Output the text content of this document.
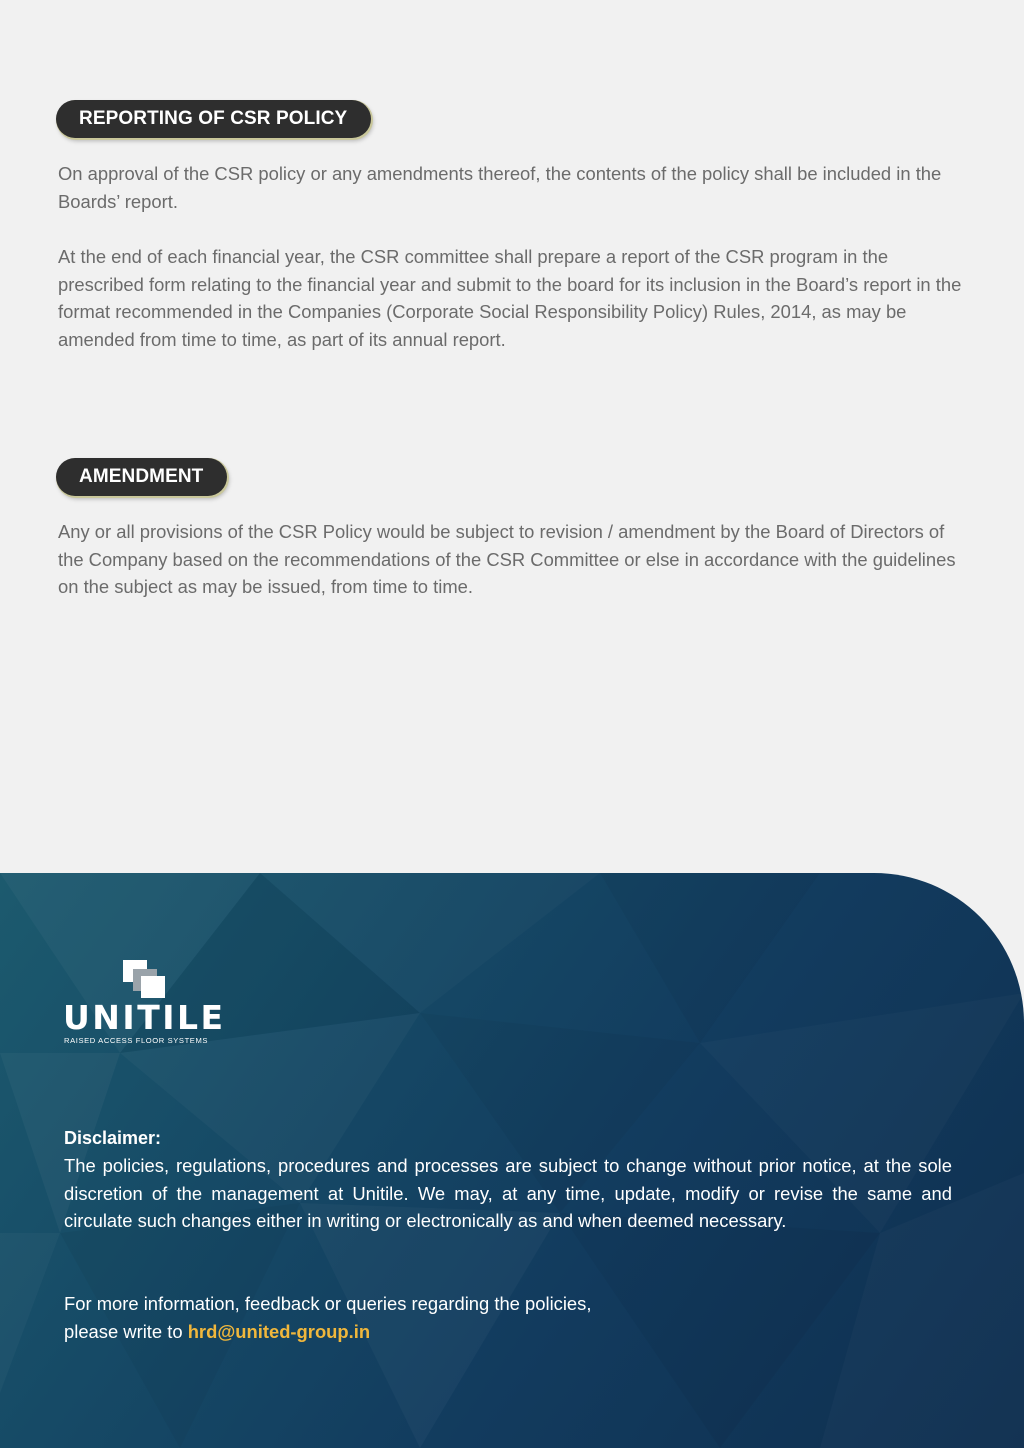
REPORTING OF CSR POLICY

On approval of the CSR policy or any amendments thereof, the contents of the policy shall be included in the Boards’ report.

At the end of each financial year, the CSR committee shall prepare a report of the CSR program in the prescribed form relating to the financial year and submit to the board for its inclusion in the Board’s report in the format recommended in the Companies (Corporate Social Responsibility Policy) Rules, 2014, as may be amended from time to time, as part of its annual report.

AMENDMENT

Any or all provisions of the CSR Policy would be subject to revision / amendment by the Board of Directors of the Company based on the recommendations of the CSR Committee or else in accordance with the guidelines on the subject as may be issued, from time to time.

UNITILE
RAISED ACCESS FLOOR SYSTEMS
Disclaimer:

The policies, regulations, procedures and processes are subject to change without prior notice, at the sole discretion of the management at Unitile. We may, at any time, update, modify or revise the same and circulate such changes either in writing or electronically as and when deemed necessary.

For more information, feedback or queries regarding the policies,
please write to hrd@united-group.in
